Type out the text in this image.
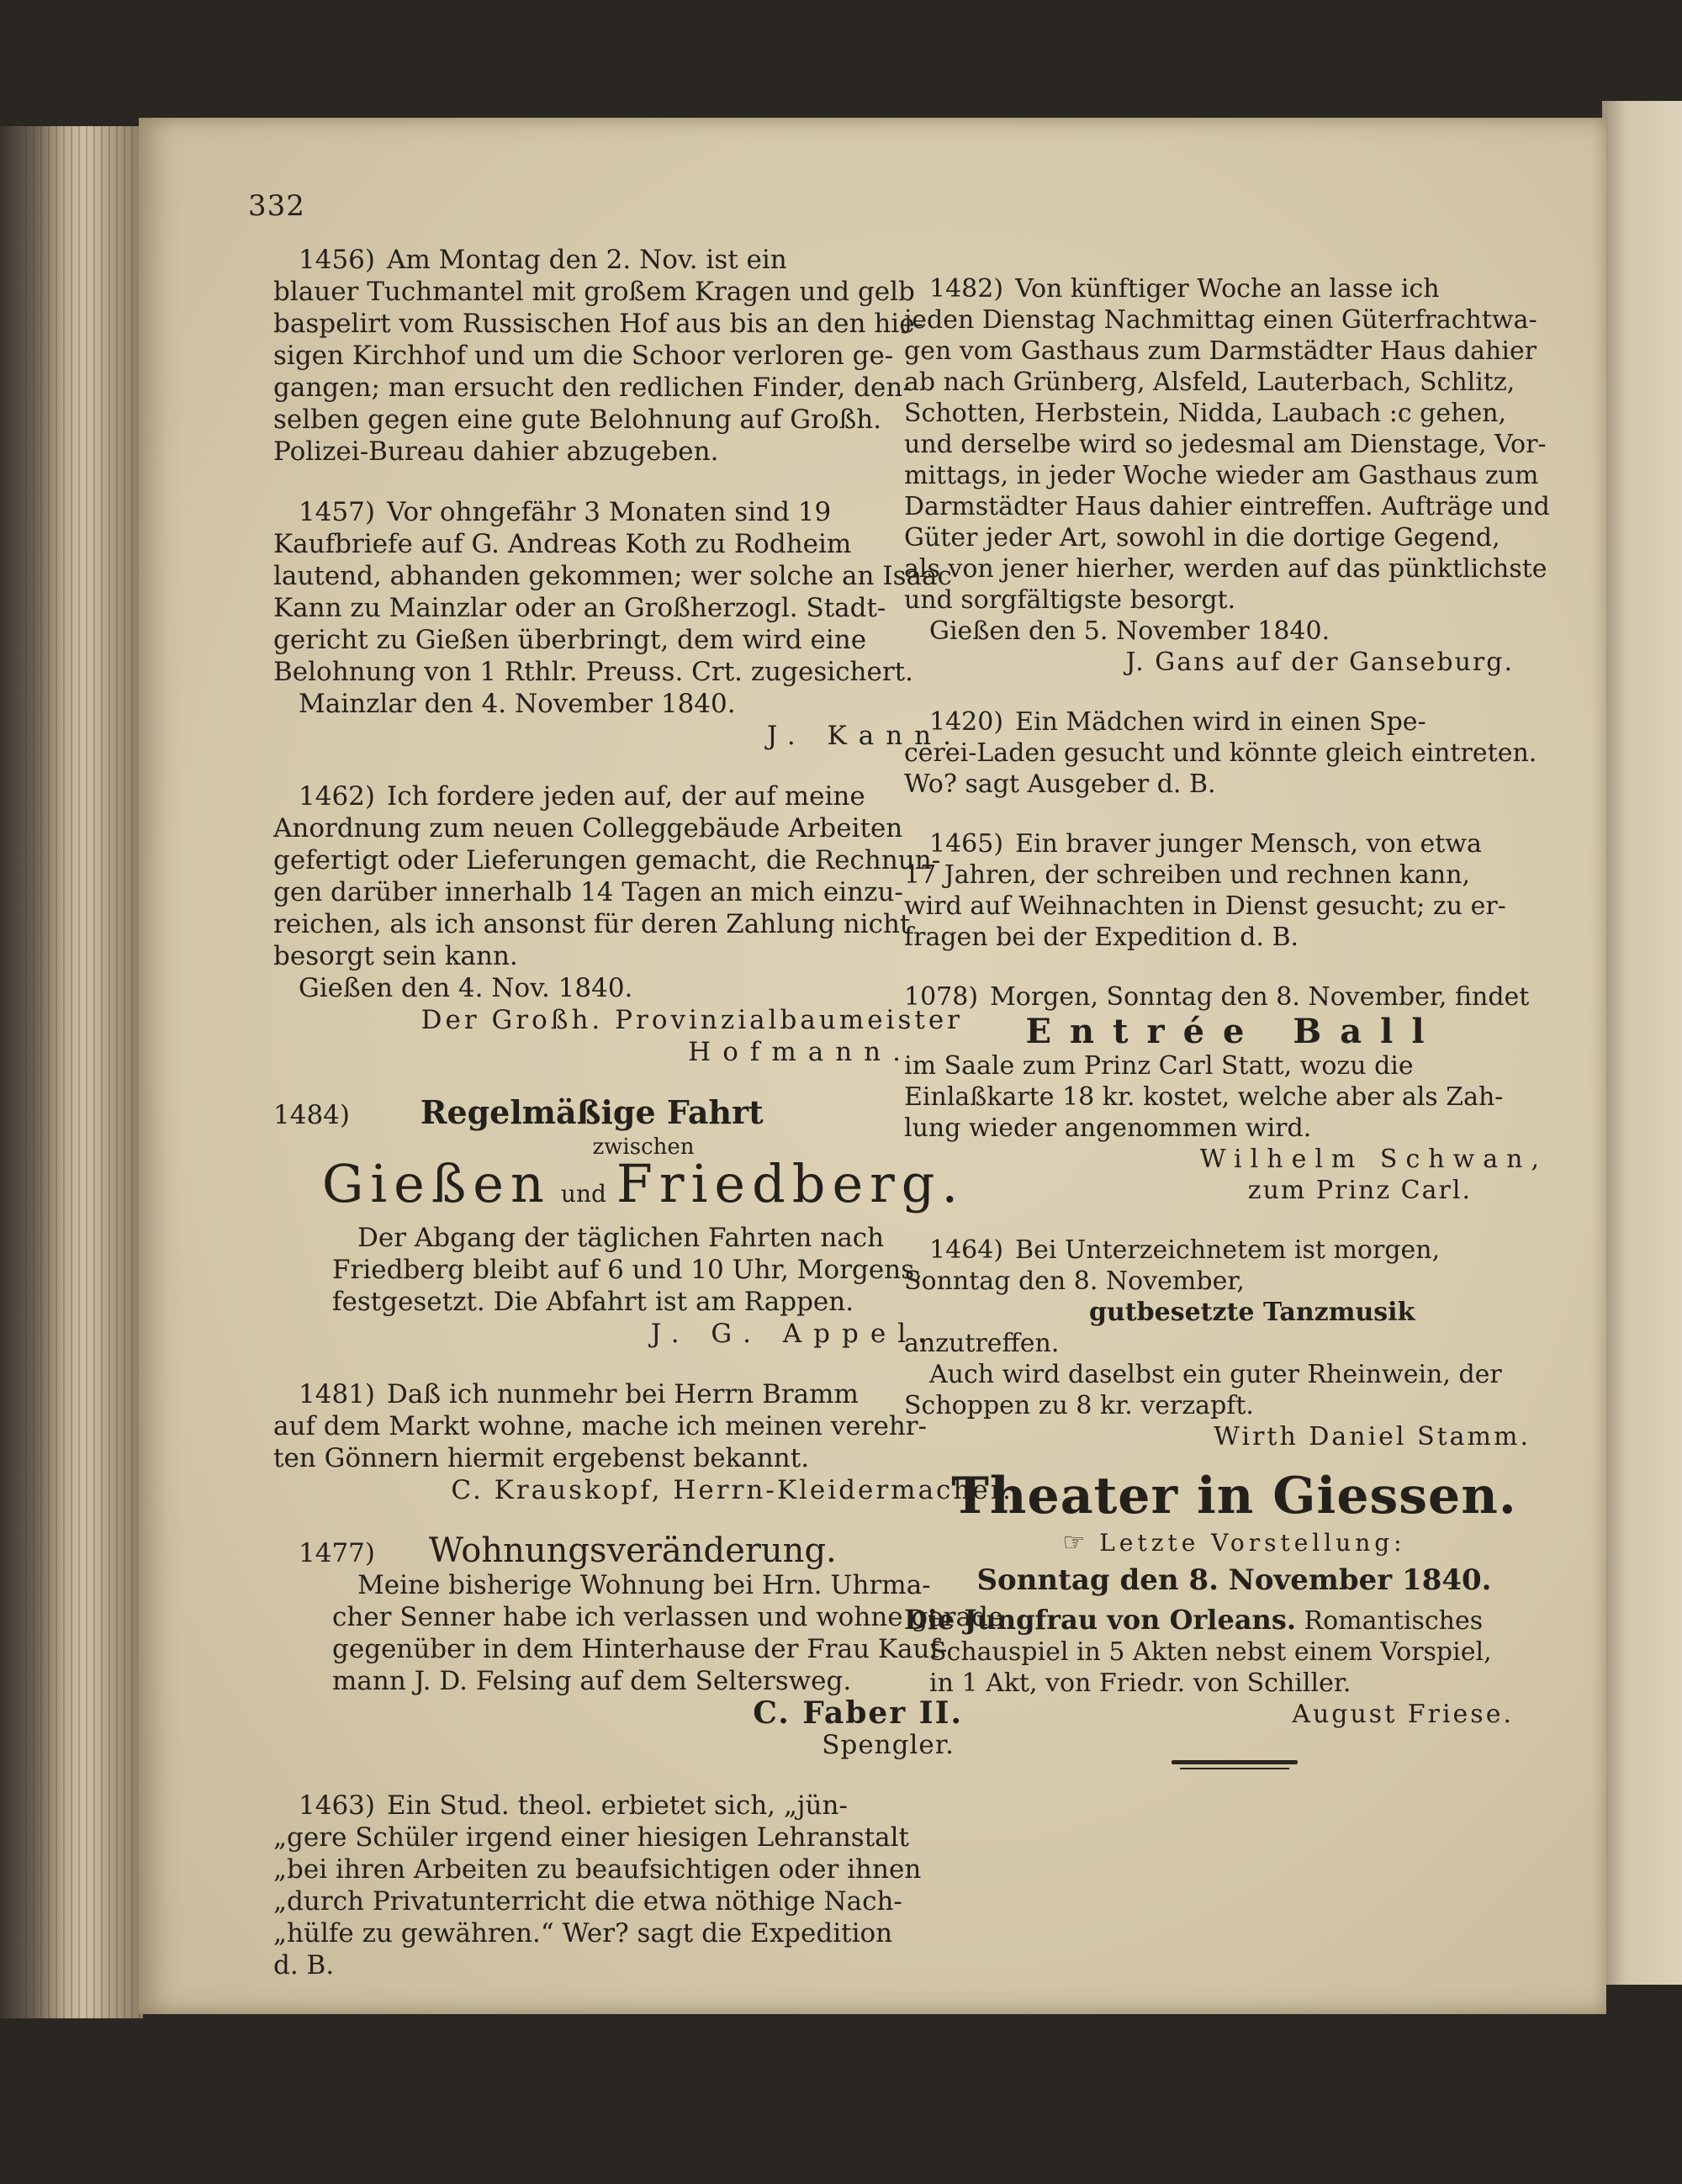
332
1456) Am Montag den 2. Nov. ist ein
blauer Tuchmantel mit großem Kragen und gelb
baspelirt vom Russischen Hof aus bis an den hie-
sigen Kirchhof und um die Schoor verloren ge-
gangen; man ersucht den redlichen Finder, den-
selben gegen eine gute Belohnung auf Großh.
Polizei-Bureau dahier abzugeben.
1457) Vor ohngefähr 3 Monaten sind 19
Kaufbriefe auf G. Andreas Koth zu Rodheim
lautend, abhanden gekommen; wer solche an Isaac
Kann zu Mainzlar oder an Großherzogl. Stadt-
gericht zu Gießen überbringt, dem wird eine
Belohnung von 1 Rthlr. Preuss. Crt. zugesichert.
Mainzlar den 4. November 1840.
J. Kann.
1462) Ich fordere jeden auf, der auf meine
Anordnung zum neuen Colleggebäude Arbeiten
gefertigt oder Lieferungen gemacht, die Rechnun-
gen darüber innerhalb 14 Tagen an mich einzu-
reichen, als ich ansonst für deren Zahlung nicht
besorgt sein kann.
Gießen den 4. Nov. 1840.
Der Großh. Provinzialbaumeister
Hofmann.
1484) Regelmäßige Fahrt
zwischen
Gießen und Friedberg.
Der Abgang der täglichen Fahrten nach
Friedberg bleibt auf 6 und 10 Uhr, Morgens,
festgesetzt. Die Abfahrt ist am Rappen.
J. G. Appel.
1481) Daß ich nunmehr bei Herrn Bramm
auf dem Markt wohne, mache ich meinen verehr-
ten Gönnern hiermit ergebenst bekannt.
C. Krauskopf, Herrn-Kleidermacher.
1477) Wohnungsveränderung.
Meine bisherige Wohnung bei Hrn. Uhrma-
cher Senner habe ich verlassen und wohne gerade
gegenüber in dem Hinterhause der Frau Kauf-
mann J. D. Felsing auf dem Seltersweg.
C. Faber II.
Spengler.
1463) Ein Stud. theol. erbietet sich, „jün-
„gere Schüler irgend einer hiesigen Lehranstalt
„bei ihren Arbeiten zu beaufsichtigen oder ihnen
„durch Privatunterricht die etwa nöthige Nach-
„hülfe zu gewähren.“ Wer? sagt die Expedition
d. B.
1482) Von künftiger Woche an lasse ich
jeden Dienstag Nachmittag einen Güterfrachtwa-
gen vom Gasthaus zum Darmstädter Haus dahier
ab nach Grünberg, Alsfeld, Lauterbach, Schlitz,
Schotten, Herbstein, Nidda, Laubach :c gehen,
und derselbe wird so jedesmal am Dienstage, Vor-
mittags, in jeder Woche wieder am Gasthaus zum
Darmstädter Haus dahier eintreffen. Aufträge und
Güter jeder Art, sowohl in die dortige Gegend,
als von jener hierher, werden auf das pünktlichste
und sorgfältigste besorgt.
Gießen den 5. November 1840.
J. Gans auf der Ganseburg.
1420) Ein Mädchen wird in einen Spe-
cerei-Laden gesucht und könnte gleich eintreten.
Wo? sagt Ausgeber d. B.
1465) Ein braver junger Mensch, von etwa
17 Jahren, der schreiben und rechnen kann,
wird auf Weihnachten in Dienst gesucht; zu er-
fragen bei der Expedition d. B.
1078) Morgen, Sonntag den 8. November, findet
Entrée Ball
im Saale zum Prinz Carl Statt, wozu die
Einlaßkarte 18 kr. kostet, welche aber als Zah-
lung wieder angenommen wird.
Wilhelm Schwan,
zum Prinz Carl.
1464) Bei Unterzeichnetem ist morgen,
Sonntag den 8. November,
gutbesetzte Tanzmusik
anzutreffen.
Auch wird daselbst ein guter Rheinwein, der
Schoppen zu 8 kr. verzapft.
Wirth Daniel Stamm.
Theater in Giessen.
☞ Letzte Vorstellung:
Sonntag den 8. November 1840.
Die Jungfrau von Orleans. Romantisches
Schauspiel in 5 Akten nebst einem Vorspiel,
in 1 Akt, von Friedr. von Schiller.
August Friese.
